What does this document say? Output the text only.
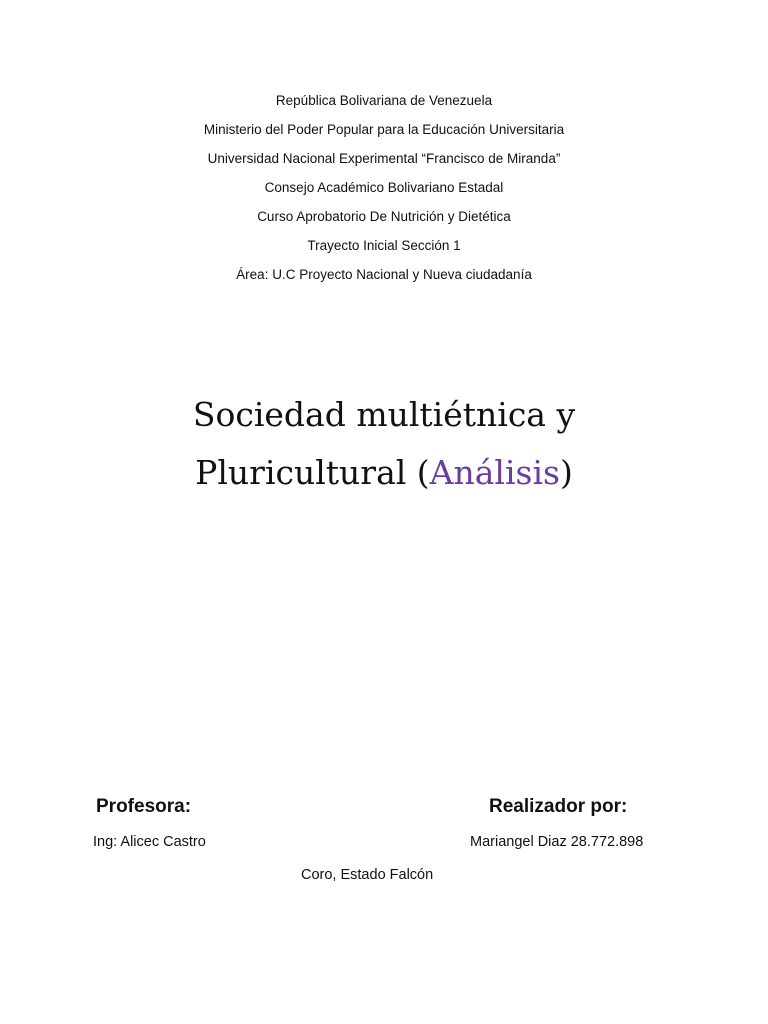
República Bolivariana de Venezuela
Ministerio del Poder Popular para la Educación Universitaria
Universidad Nacional Experimental “Francisco de Miranda”
Consejo Académico Bolivariano Estadal
Curso Aprobatorio De Nutrición y Dietética
Trayecto Inicial Sección 1
Área: U.C Proyecto Nacional y Nueva ciudadanía
Sociedad multiétnica y
Pluricultural (Análisis)
Profesora:	Realizador por:
Ing: Alicec Castro	Mariangel Diaz 28.772.898
Coro, Estado Falcón
